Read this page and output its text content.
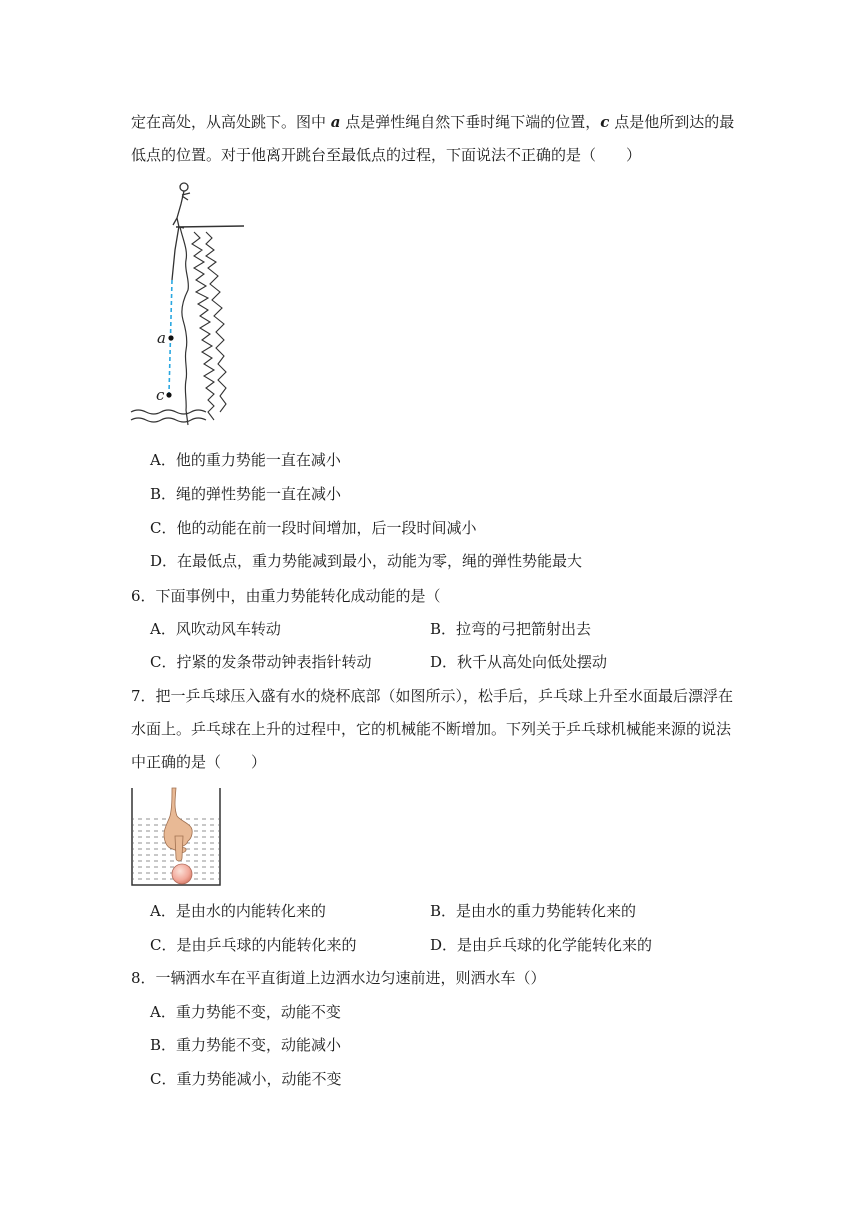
定在高处，从高处跳下。图中 a 点是弹性绳自然下垂时绳下端的位置，c 点是他所到达的最
低点的位置。对于他离开跳台至最低点的过程，下面说法不正确的是（　　）
a
c
A．他的重力势能一直在减小
B．绳的弹性势能一直在减小
C．他的动能在前一段时间增加，后一段时间减小
D．在最低点，重力势能减到最小，动能为零，绳的弹性势能最大
6．下面事例中，由重力势能转化成动能的是（
A．风吹动风车转动	B．拉弯的弓把箭射出去
C．拧紧的发条带动钟表指针转动	D．秋千从高处向低处摆动
7．把一乒乓球压入盛有水的烧杯底部（如图所示），松手后，乒乓球上升至水面最后漂浮在
水面上。乒乓球在上升的过程中，它的机械能不断增加。下列关于乒乓球机械能来源的说法
中正确的是（　　）
A．是由水的内能转化来的	B．是由水的重力势能转化来的
C．是由乒乓球的内能转化来的	D．是由乒乓球的化学能转化来的
8．一辆洒水车在平直街道上边洒水边匀速前进，则洒水车（）
A．重力势能不变，动能不变
B．重力势能不变，动能减小
C．重力势能减小，动能不变
